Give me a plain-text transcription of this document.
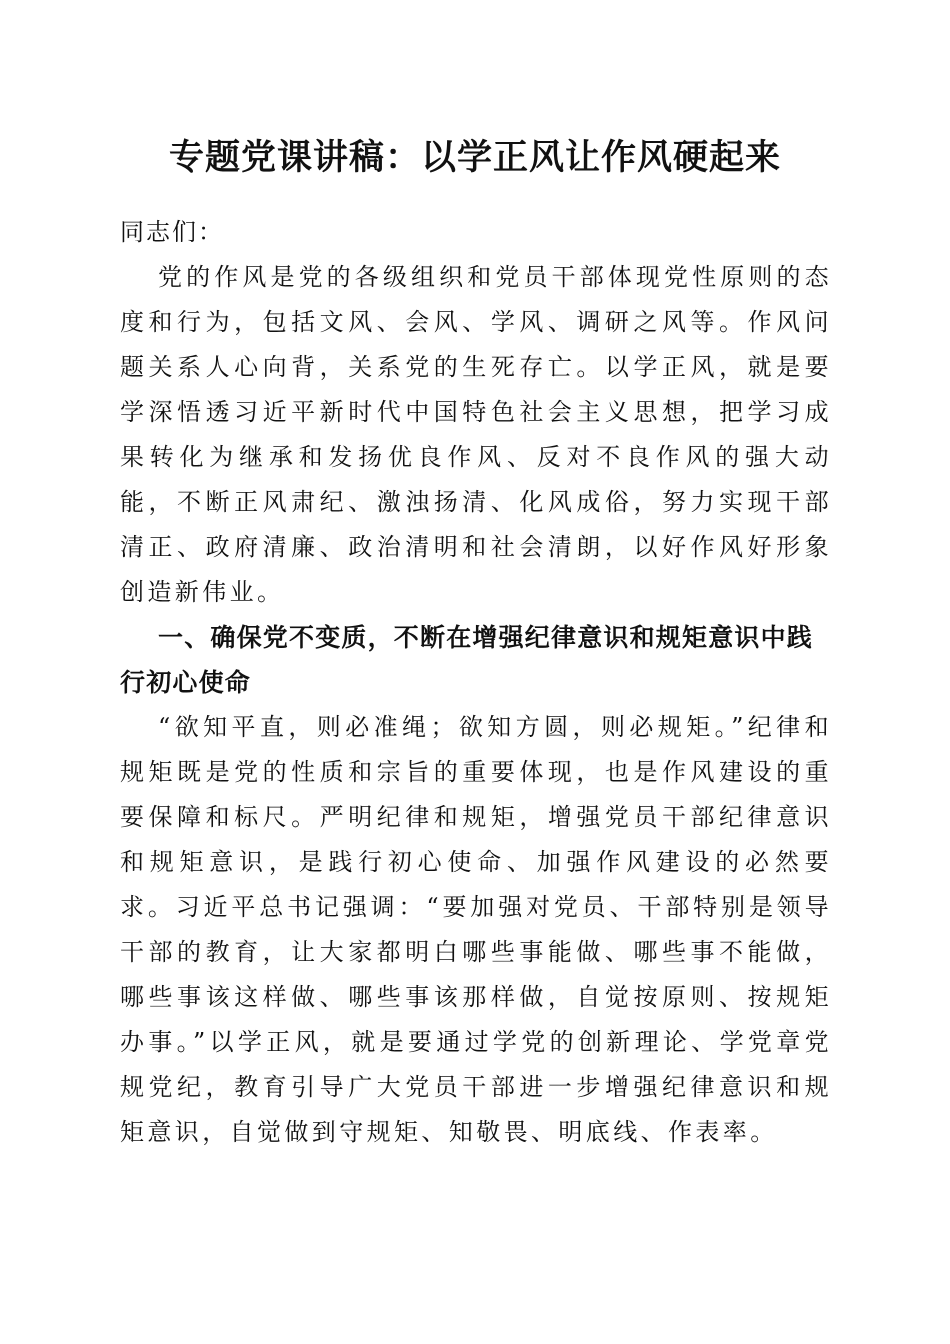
专题党课讲稿：以学正风让作风硬起来

同志们：

党的作风是党的各级组织和党员干部体现党性原则的态度和行为，包括文风、会风、学风、调研之风等。作风问题关系人心向背，关系党的生死存亡。以学正风，就是要学深悟透习近平新时代中国特色社会主义思想，把学习成果转化为继承和发扬优良作风、反对不良作风的强大动能，不断正风肃纪、激浊扬清、化风成俗，努力实现干部清正、政府清廉、政治清明和社会清朗，以好作风好形象创造新伟业。

一、确保党不变质，不断在增强纪律意识和规矩意识中践行初心使命

“欲知平直，则必准绳；欲知方圆，则必规矩。”纪律和规矩既是党的性质和宗旨的重要体现，也是作风建设的重要保障和标尺。严明纪律和规矩，增强党员干部纪律意识和规矩意识，是践行初心使命、加强作风建设的必然要求。习近平总书记强调：“要加强对党员、干部特别是领导干部的教育，让大家都明白哪些事能做、哪些事不能做，哪些事该这样做、哪些事该那样做，自觉按原则、按规矩办事。”以学正风，就是要通过学党的创新理论、学党章党规党纪，教育引导广大党员干部进一步增强纪律意识和规矩意识，自觉做到守规矩、知敬畏、明底线、作表率。
